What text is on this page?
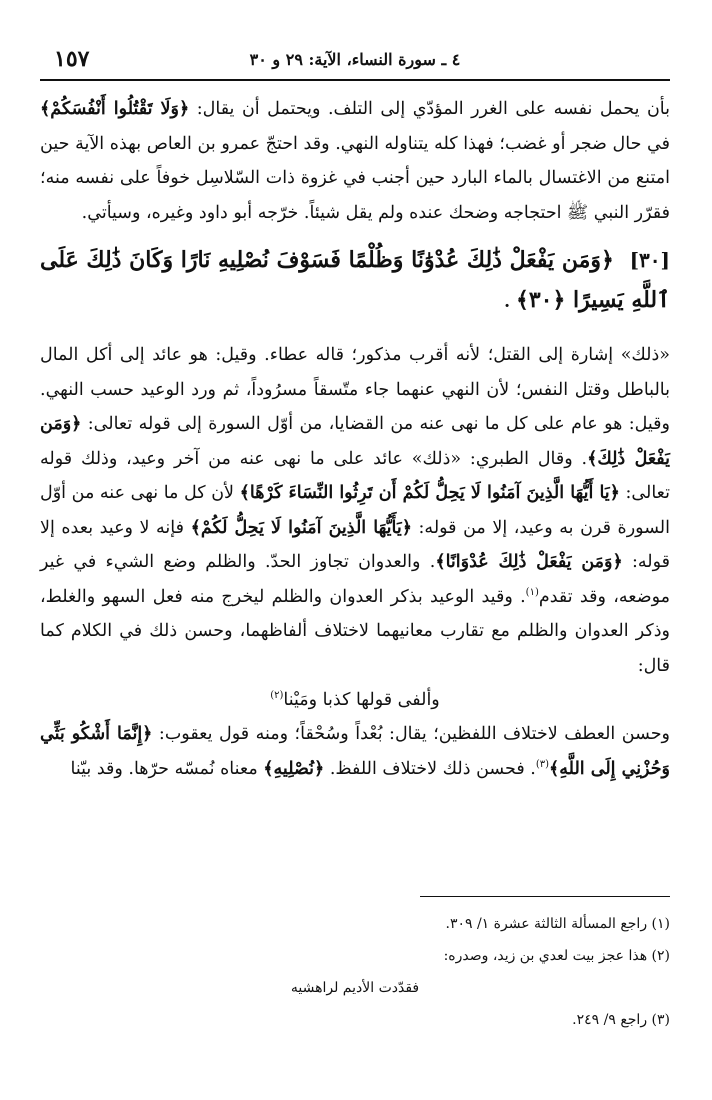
١٥٧	٤ ـ سورة النساء، الآية: ٢٩ و ٣٠

بأن يحمل نفسه على الغرر المؤدّي إلى التلف. ويحتمل أن يقال: ﴿وَلَا تَقْتُلُوا أَنْفُسَكُمْ﴾ في حال ضجر أو غضب؛ فهذا كله يتناوله النهي. وقد احتجّ عمرو بن العاص بهذه الآية حين امتنع من الاغتسال بالماء البارد حين أجنب في غزوة ذات السّلاسِل خوفاً على نفسه منه؛ فقرّر النبي ﷺ احتجاجه وضحك عنده ولم يقل شيئاً. خرّجه أبو داود وغيره، وسيأتي.

[٣٠] ﴿وَمَن يَفْعَلْ ذَٰلِكَ عُدْوَٰنًا وَظُلْمًا فَسَوْفَ نُصْلِيهِ نَارًا وَكَانَ ذَٰلِكَ عَلَى ٱللَّهِ يَسِيرًا ﴿٣٠﴾ .

«ذلك» إشارة إلى القتل؛ لأنه أقرب مذكور؛ قاله عطاء. وقيل: هو عائد إلى أكل المال بالباطل وقتل النفس؛ لأن النهي عنهما جاء متّسقاً مسرُوداً، ثم ورد الوعيد حسب النهي. وقيل: هو عام على كل ما نهى عنه من القضايا، من أوّل السورة إلى قوله تعالى: ﴿وَمَن يَفْعَلْ ذَٰلِكَ﴾. وقال الطبري: «ذلك» عائد على ما نهى عنه من آخر وعيد، وذلك قوله تعالى: ﴿يَا أَيُّهَا الَّذِينَ آمَنُوا لَا يَحِلُّ لَكُمْ أَن تَرِثُوا النِّسَاءَ كَرْهًا﴾ لأن كل ما نهى عنه من أوّل السورة قرن به وعيد، إلا من قوله: ﴿يَأَيُّهَا الَّذِينَ آمَنُوا لَا يَحِلُّ لَكُمْ﴾ فإنه لا وعيد بعده إلا قوله: ﴿وَمَن يَفْعَلْ ذَٰلِكَ عُدْوَانًا﴾. والعدوان تجاوز الحدّ. والظلم وضع الشيء في غير موضعه، وقد تقدم$^{(١)}$. وقيد الوعيد بذكر العدوان والظلم ليخرج منه فعل السهو والغلط، وذكر العدوان والظلم مع تقارب معانيهما لاختلاف ألفاظهما، وحسن ذلك في الكلام كما قال:

وألفى قولها كذبا ومَيْنا$^{(٢)}$

وحسن العطف لاختلاف اللفظين؛ يقال: بُعْداً وسُحْقاً؛ ومنه قول يعقوب: ﴿إِنَّمَا أَشْكُو بَثِّي وَحُزْنِي إِلَى اللَّهِ﴾$^{(٣)}$. فحسن ذلك لاختلاف اللفظ. ﴿نُصْلِيهِ﴾ معناه نُمسّه حرّها. وقد بيّنا

(١) راجع المسألة الثالثة عشرة ١/ ٣٠٩.

(٢) هذا عجز بيت لعدي بن زيد، وصدره:

فقدّدت الأديم لراهشيه

(٣) راجع ٩/ ٢٤٩.
